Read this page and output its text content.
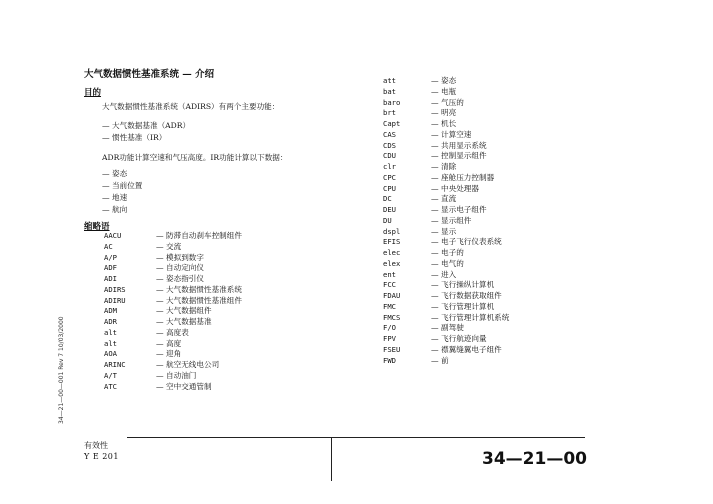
大气数据惯性基准系统 — 介绍
目的
大气数据惯性基准系统（ADIRS）有两个主要功能：
— 大气数据基准（ADR）
— 惯性基准（IR）
ADR功能计算空速和气压高度。IR功能计算以下数据：
— 姿态
— 当前位置
— 地速
— 航向
缩略语
AACU	— 防滞自动刹车控制组件
AC	— 交流
A/P	— 模拟到数字
ADF	— 自动定向仪
ADI	— 姿态指引仪
ADIRS	— 大气数据惯性基准系统
ADIRU	— 大气数据惯性基准组件
ADM	— 大气数据组件
ADR	— 大气数据基准
alt	— 高度表
alt	— 高度
AOA	— 迎角
ARINC	— 航空无线电公司
A/T	— 自动油门
ATC	— 空中交通管制
att	— 姿态
bat	— 电瓶
baro	— 气压的
brt	— 明亮
Capt	— 机长
CAS	— 计算空速
CDS	— 共用显示系统
CDU	— 控制显示组件
clr	— 清除
CPC	— 座舱压力控制器
CPU	— 中央处理器
DC	— 直流
DEU	— 显示电子组件
DU	— 显示组件
dspl	— 显示
EFIS	— 电子飞行仪表系统
elec	— 电子的
elex	— 电气的
ent	— 进入
FCC	— 飞行操纵计算机
FDAU	— 飞行数据获取组件
FMC	— 飞行管理计算机
FMCS	— 飞行管理计算机系统
F/O	— 副驾驶
FPV	— 飞行航迹向量
FSEU	— 襟翼缝翼电子组件
FWD	— 前
34—21—00—001 Rev 7 10/03/2000
有效性
Y E 201	34—21—00
